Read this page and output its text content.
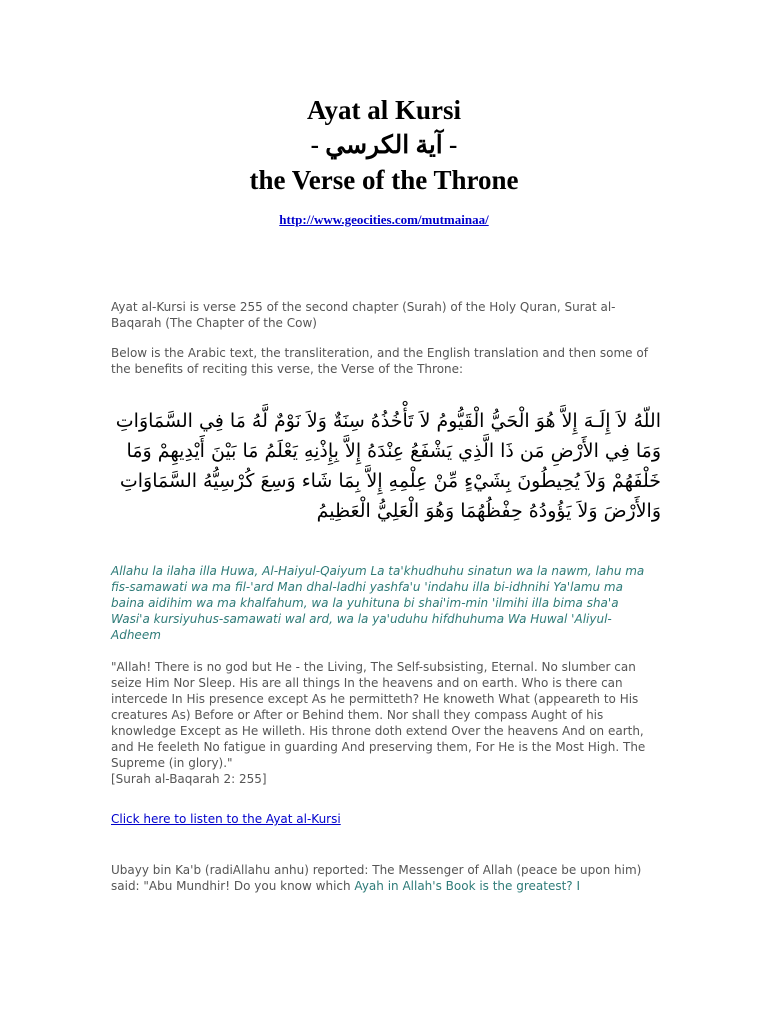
Ayat al Kursi

- آية الكرسي -

the Verse of the Throne

http://www.geocities.com/mutmainaa/

Ayat al-Kursi is verse 255 of the second chapter (Surah) of the Holy Quran, Surat al-Baqarah (The Chapter of the Cow)

Below is the Arabic text, the transliteration, and the English translation and then some of the benefits of reciting this verse, the Verse of the Throne:

اللّهُ لاَ إِلَـهَ إِلاَّ هُوَ الْحَيُّ الْقَيُّومُ لاَ تَأْخُذُهُ سِنَةٌ وَلاَ نَوْمٌ لَّهُ مَا فِي السَّمَاوَاتِ وَمَا فِي الأَرْضِ مَن ذَا الَّذِي يَشْفَعُ عِنْدَهُ إِلاَّ بِإِذْنِهِ يَعْلَمُ مَا بَيْنَ أَيْدِيهِمْ وَمَا خَلْفَهُمْ وَلاَ يُحِيطُونَ بِشَيْءٍ مِّنْ عِلْمِهِ إِلاَّ بِمَا شَاء وَسِعَ كُرْسِيُّهُ السَّمَاوَاتِ وَالأَرْضَ وَلاَ يَؤُودُهُ حِفْظُهُمَا وَهُوَ الْعَلِيُّ الْعَظِيمُ

Allahu la ilaha illa Huwa, Al-Haiyul-Qaiyum La ta'khudhuhu sinatun wa la nawm, lahu ma fis-samawati wa ma fil-'ard Man dhal-ladhi yashfa'u 'indahu illa bi-idhnihi Ya'lamu ma baina aidihim wa ma khalfahum, wa la yuhituna bi shai'im-min 'ilmihi illa bima sha'a Wasi'a kursiyuhus-samawati wal ard, wa la ya'uduhu hifdhuhuma Wa Huwal 'Aliyul-Adheem

"Allah! There is no god but He - the Living, The Self-subsisting, Eternal. No slumber can seize Him Nor Sleep. His are all things In the heavens and on earth. Who is there can intercede In His presence except As he permitteth? He knoweth What (appeareth to His creatures As) Before or After or Behind them. Nor shall they compass Aught of his knowledge Except as He willeth. His throne doth extend Over the heavens And on earth, and He feeleth No fatigue in guarding And preserving them, For He is the Most High. The Supreme (in glory)."
[Surah al-Baqarah 2: 255]
Click here to listen to the Ayat al-Kursi

Ubayy bin Ka'b (radiAllahu anhu) reported: The Messenger of Allah (peace be upon him) said: "Abu Mundhir! Do you know which Ayah in Allah's Book is the greatest? I
